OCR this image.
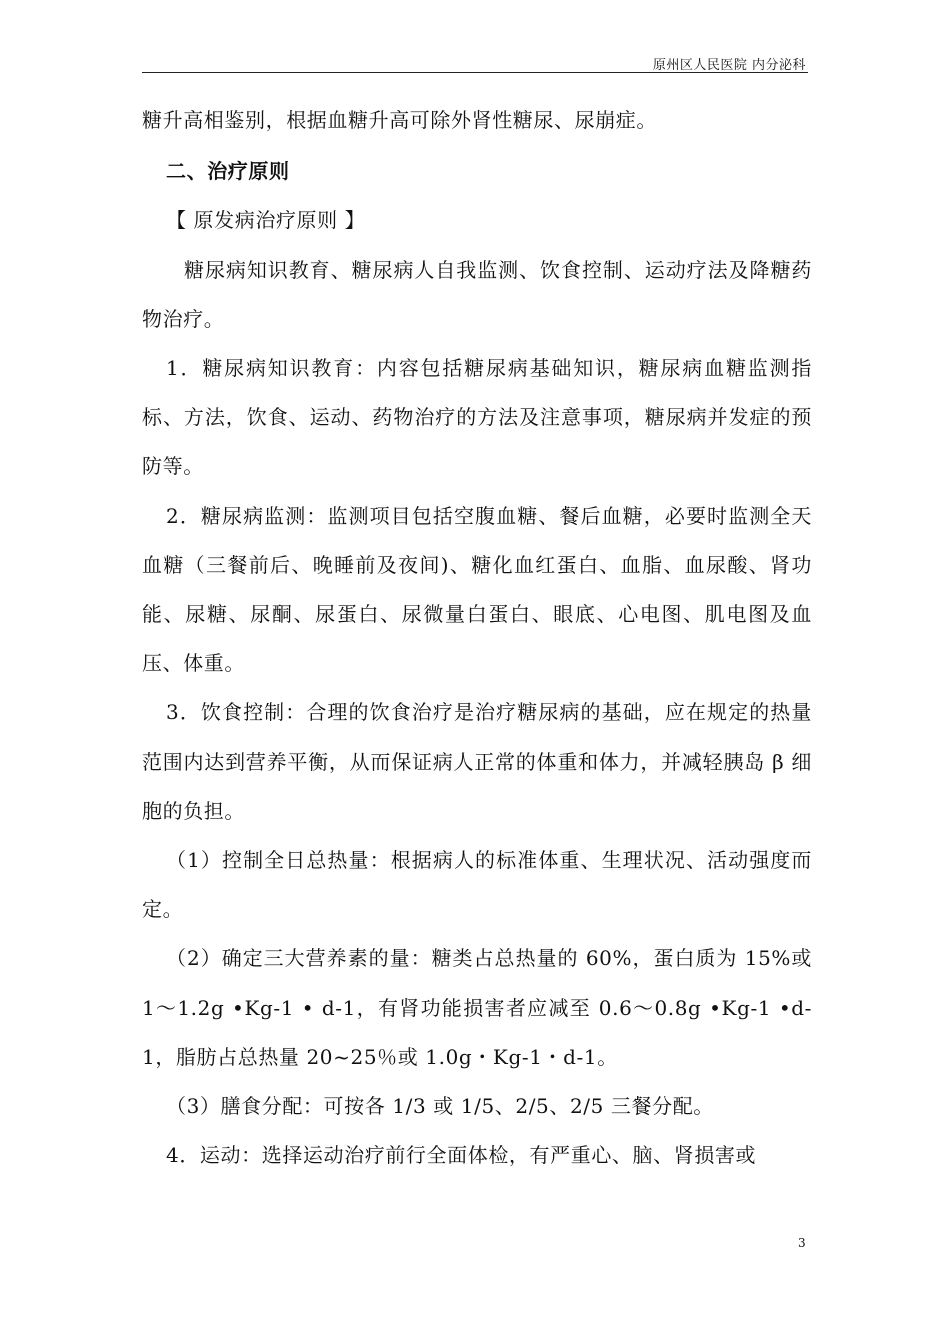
原州区人民医院 内分泌科

糖升高相鉴别，根据血糖升高可除外肾性糖尿、尿崩症。

二、治疗原则

【 原发病治疗原则 】

糖尿病知识教育、糖尿病人自我监测、饮食控制、运动疗法及降糖药物治疗。

1．糖尿病知识教育：内容包括糖尿病基础知识，糖尿病血糖监测指标、方法，饮食、运动、药物治疗的方法及注意事项，糖尿病并发症的预防等。

2．糖尿病监测：监测项目包括空腹血糖、餐后血糖，必要时监测全天血糖（三餐前后、晚睡前及夜间)、糖化血红蛋白、血脂、血尿酸、肾功能、尿糖、尿酮、尿蛋白、尿微量白蛋白、眼底、心电图、肌电图及血压、体重。

3．饮食控制：合理的饮食治疗是治疗糖尿病的基础，应在规定的热量范围内达到营养平衡，从而保证病人正常的体重和体力，并减轻胰岛 β 细胞的负担。

（1）控制全日总热量：根据病人的标准体重、生理状况、活动强度而定。

（2）确定三大营养素的量：糖类占总热量的 60%，蛋白质为 15%或 1～1.2g •Kg-1 • d-1，有肾功能损害者应减至 0.6～0.8g •Kg-1 •d-1，脂肪占总热量 20~25％或 1.0g・Kg-1・d-1。

（3）膳食分配：可按各 1/3 或 1/5、2/5、2/5 三餐分配。

4．运动：选择运动治疗前行全面体检，有严重心、脑、肾损害或

3
